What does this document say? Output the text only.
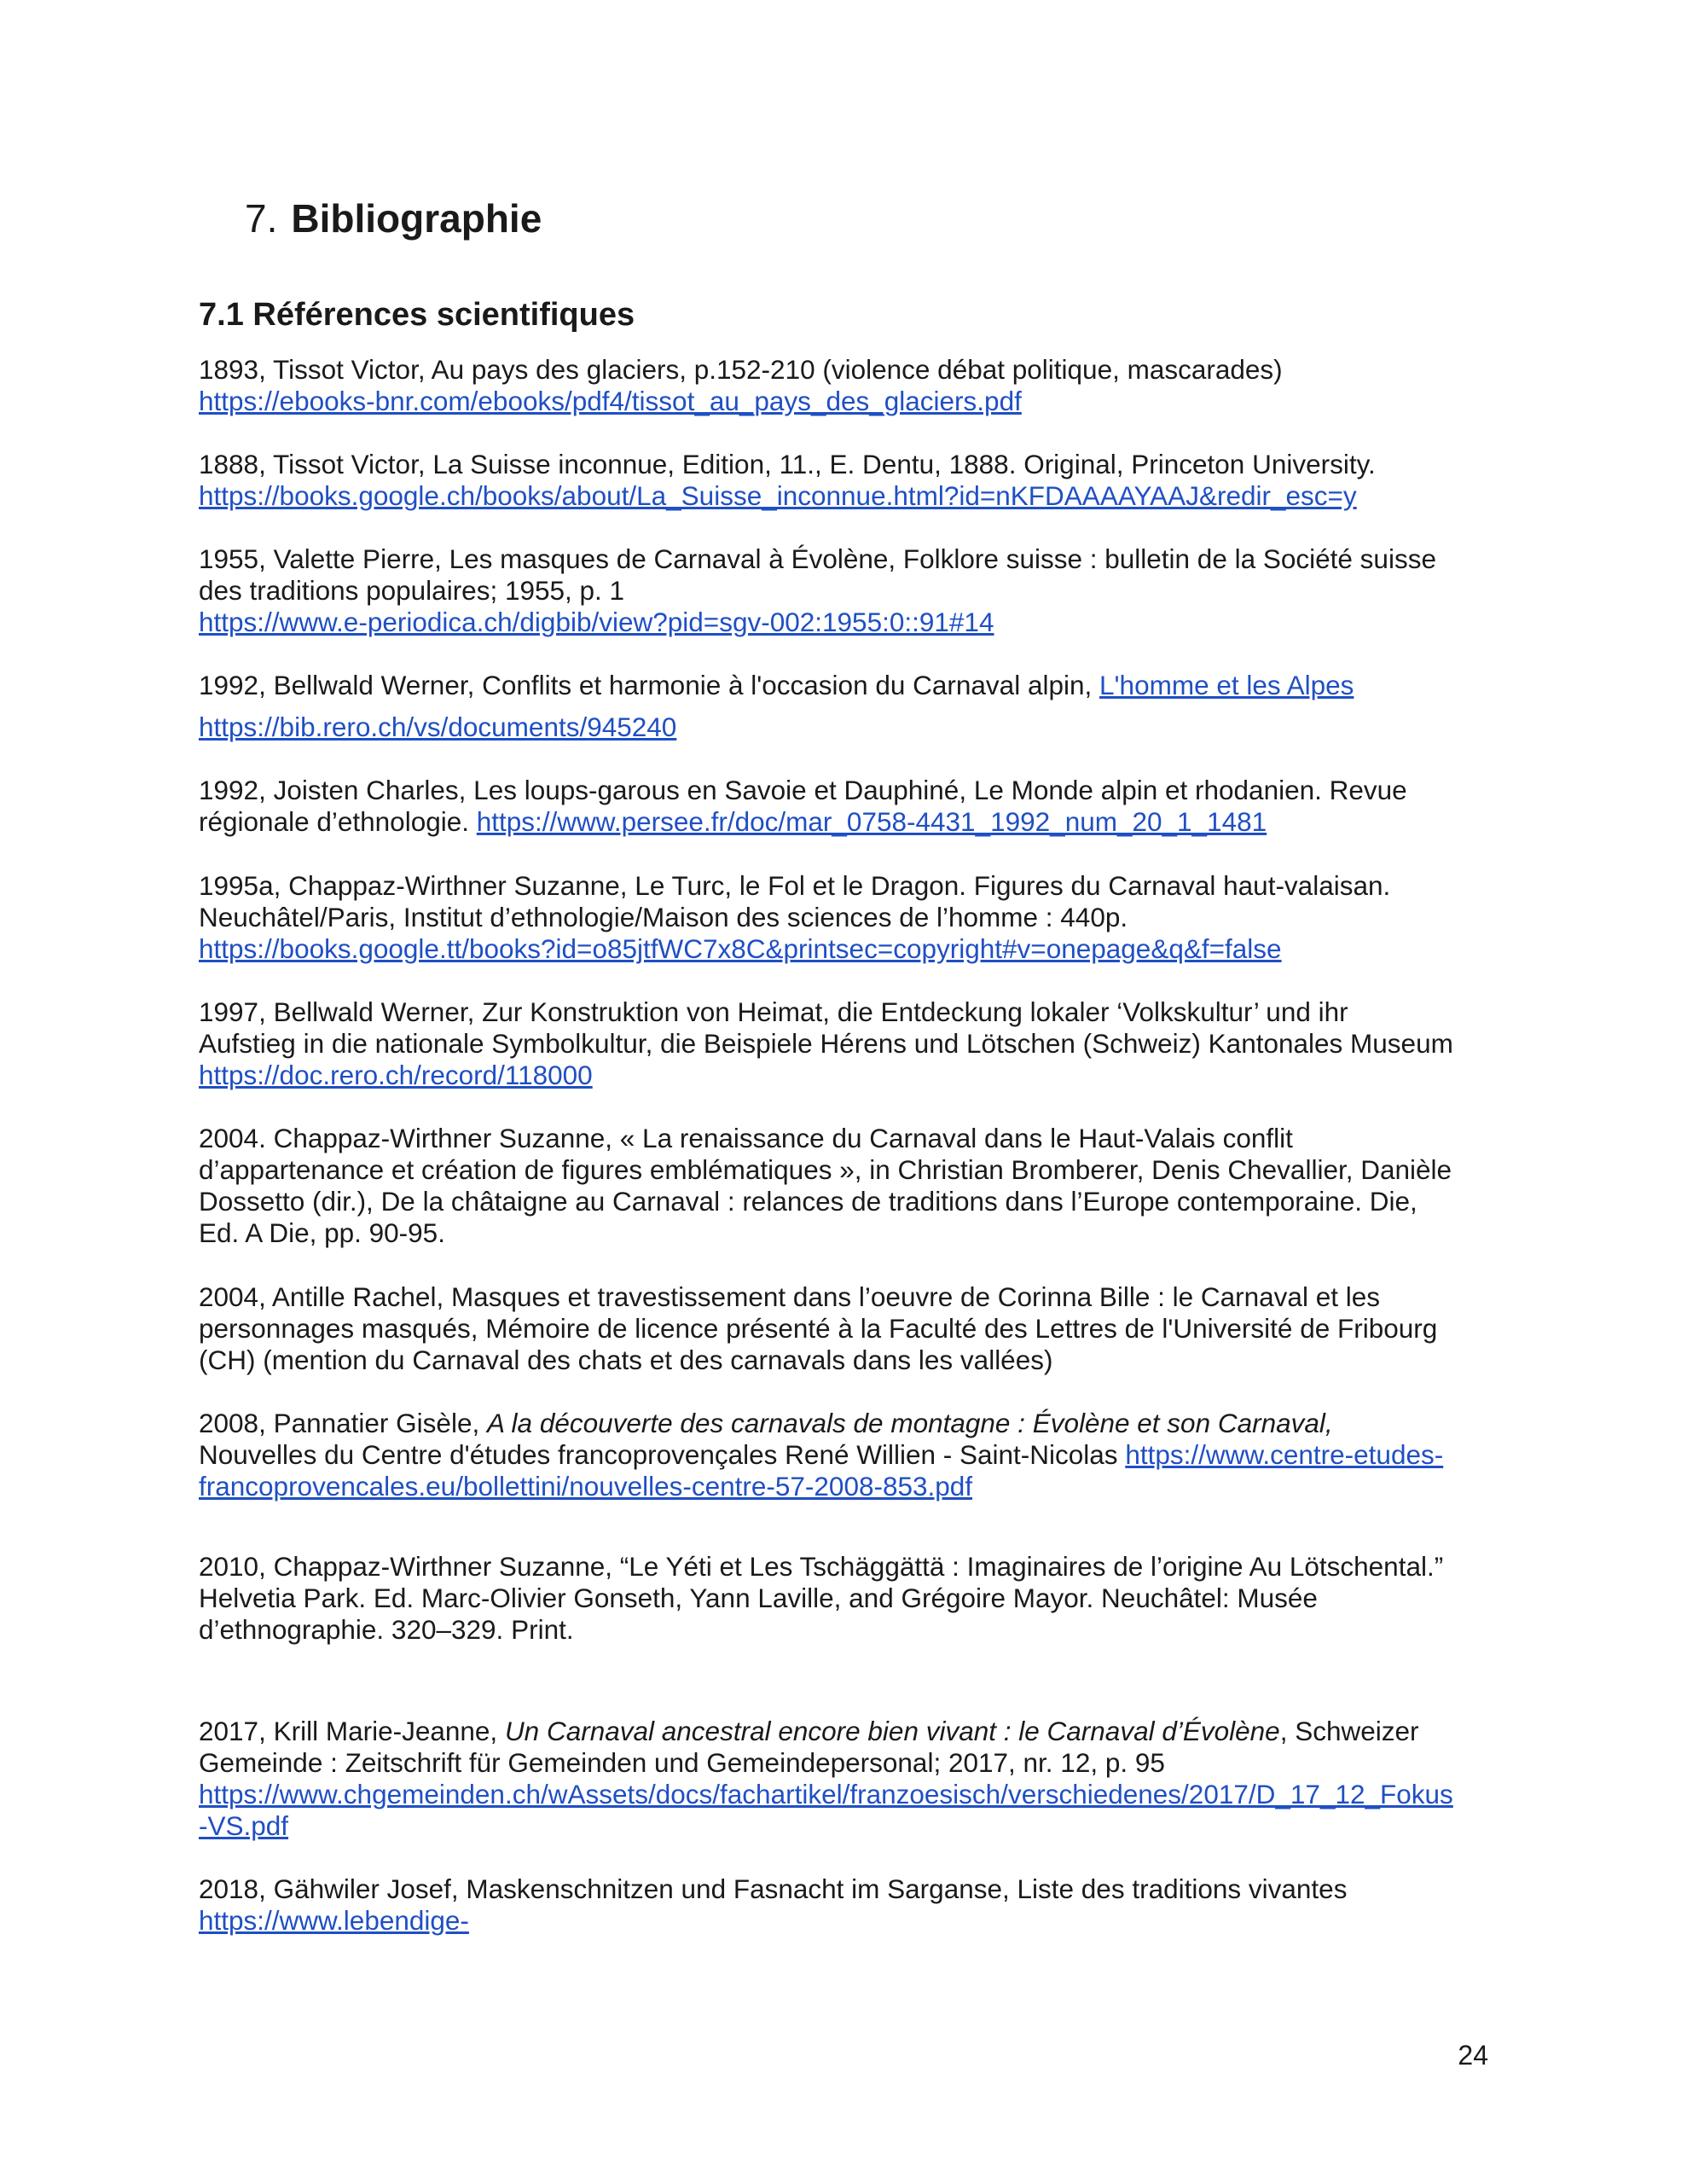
7. Bibliographie
7.1 Références scientifiques
1893, Tissot Victor, Au pays des glaciers, p.152-210 (violence débat politique, mascarades)
https://ebooks-bnr.com/ebooks/pdf4/tissot_au_pays_des_glaciers.pdf
1888, Tissot Victor, La Suisse inconnue, Edition, 11., E. Dentu, 1888. Original, Princeton University.
https://books.google.ch/books/about/La_Suisse_inconnue.html?id=nKFDAAAAYAAJ&redir_esc=y
1955, Valette Pierre, Les masques de Carnaval à Évolène, Folklore suisse : bulletin de la Société suisse
des traditions populaires; 1955, p. 1
https://www.e-periodica.ch/digbib/view?pid=sgv-002:1955:0::91#14
1992, Bellwald Werner, Conflits et harmonie à l'occasion du Carnaval alpin, L'homme et les Alpes
https://bib.rero.ch/vs/documents/945240
1992, Joisten Charles, Les loups-garous en Savoie et Dauphiné, Le Monde alpin et rhodanien. Revue
régionale d’ethnologie. https://www.persee.fr/doc/mar_0758-4431_1992_num_20_1_1481
1995a, Chappaz-Wirthner Suzanne, Le Turc, le Fol et le Dragon. Figures du Carnaval haut-valaisan.
Neuchâtel/Paris, Institut d’ethnologie/Maison des sciences de l’homme : 440p.
https://books.google.tt/books?id=o85jtfWC7x8C&printsec=copyright#v=onepage&q&f=false
1997, Bellwald Werner, Zur Konstruktion von Heimat, die Entdeckung lokaler ‘Volkskultur’ und ihr
Aufstieg in die nationale Symbolkultur, die Beispiele Hérens und Lötschen (Schweiz) Kantonales Museum
https://doc.rero.ch/record/118000
2004. Chappaz-Wirthner Suzanne, « La renaissance du Carnaval dans le Haut-Valais conflit
d’appartenance et création de figures emblématiques », in Christian Bromberer, Denis Chevallier, Danièle
Dossetto (dir.), De la châtaigne au Carnaval : relances de traditions dans l’Europe contemporaine. Die,
Ed. A Die, pp. 90-95.
2004, Antille Rachel, Masques et travestissement dans l’oeuvre de Corinna Bille : le Carnaval et les
personnages masqués, Mémoire de licence présenté à la Faculté des Lettres de l'Université de Fribourg
(CH) (mention du Carnaval des chats et des carnavals dans les vallées)
2008, Pannatier Gisèle, A la découverte des carnavals de montagne : Évolène et son Carnaval,
Nouvelles du Centre d'études francoprovençales René Willien - Saint-Nicolas https://www.centre-etudes-
francoprovencales.eu/bollettini/nouvelles-centre-57-2008-853.pdf
2010, Chappaz-Wirthner Suzanne, “Le Yéti et Les Tschäggättä : Imaginaires de l’origine Au Lötschental.”
Helvetia Park. Ed. Marc-Olivier Gonseth, Yann Laville, and Grégoire Mayor. Neuchâtel: Musée
d’ethnographie. 320–329. Print.
2017, Krill Marie-Jeanne, Un Carnaval ancestral encore bien vivant : le Carnaval d’Évolène, Schweizer
Gemeinde : Zeitschrift für Gemeinden und Gemeindepersonal; 2017, nr. 12, p. 95
https://www.chgemeinden.ch/wAssets/docs/fachartikel/franzoesisch/verschiedenes/2017/D_17_12_Fokus
-VS.pdf
2018, Gähwiler Josef, Maskenschnitzen und Fasnacht im Sarganse, Liste des traditions vivantes
https://www.lebendige-
24
